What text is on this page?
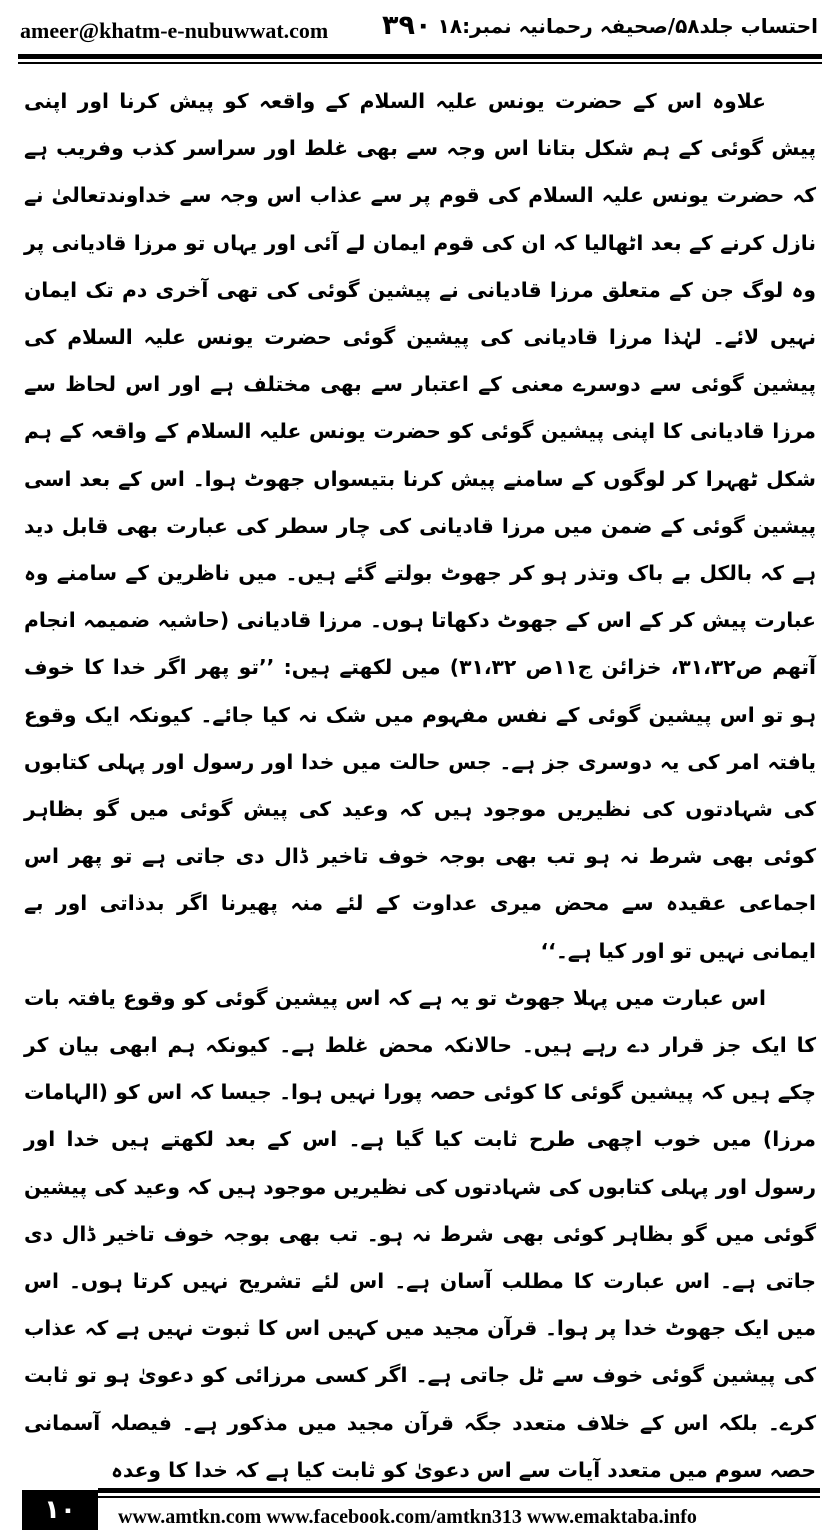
ameer@khatm-e-nubuwwat.com ۳۹۰ احتساب جلد۵۸/صحیفہ رحمانیہ نمبر:۱۸

علاوہ اس کے حضرت یونس علیہ السلام کے واقعہ کو پیش کرنا اور اپنی پیش گوئی کے ہم شکل بتانا اس وجہ سے بھی غلط اور سراسر کذب وفریب ہے کہ حضرت یونس علیہ السلام کی قوم پر سے عذاب اس وجہ سے خداوندتعالیٰ نے نازل کرنے کے بعد اٹھالیا کہ ان کی قوم ایمان لے آئی اور یہاں تو مرزا قادیانی پر وہ لوگ جن کے متعلق مرزا قادیانی نے پیشین گوئی کی تھی آخری دم تک ایمان نہیں لائے۔ لہٰذا مرزا قادیانی کی پیشین گوئی حضرت یونس علیہ السلام کی پیشین گوئی سے دوسرے معنی کے اعتبار سے بھی مختلف ہے اور اس لحاظ سے مرزا قادیانی کا اپنی پیشین گوئی کو حضرت یونس علیہ السلام کے واقعہ کے ہم شکل ٹھہرا کر لوگوں کے سامنے پیش کرنا بتیسواں جھوٹ ہوا۔ اس کے بعد اسی پیشین گوئی کے ضمن میں مرزا قادیانی کی چار سطر کی عبارت بھی قابل دید ہے کہ بالکل بے باک وتذر ہو کر جھوٹ بولتے گئے ہیں۔ میں ناظرین کے سامنے وہ عبارت پیش کر کے اس کے جھوٹ دکھاتا ہوں۔ مرزا قادیانی (حاشیہ ضمیمہ انجام آتھم ص۳۱،۳۲، خزائن ج۱۱ص ۳۱،۳۲) میں لکھتے ہیں: ’’تو پھر اگر خدا کا خوف ہو تو اس پیشین گوئی کے نفس مفہوم میں شک نہ کیا جائے۔ کیونکہ ایک وقوع یافتہ امر کی یہ دوسری جز ہے۔ جس حالت میں خدا اور رسول اور پہلی کتابوں کی شہادتوں کی نظیریں موجود ہیں کہ وعید کی پیش گوئی میں گو بظاہر کوئی بھی شرط نہ ہو تب بھی بوجہ خوف تاخیر ڈال دی جاتی ہے تو پھر اس اجماعی عقیدہ سے محض میری عداوت کے لئے منہ پھیرنا اگر بدذاتی اور بے ایمانی نہیں تو اور کیا ہے۔‘‘

اس عبارت میں پہلا جھوٹ تو یہ ہے کہ اس پیشین گوئی کو وقوع یافتہ بات کا ایک جز قرار دے رہے ہیں۔ حالانکہ محض غلط ہے۔ کیونکہ ہم ابھی بیان کر چکے ہیں کہ پیشین گوئی کا کوئی حصہ پورا نہیں ہوا۔ جیسا کہ اس کو (الہامات مرزا) میں خوب اچھی طرح ثابت کیا گیا ہے۔ اس کے بعد لکھتے ہیں خدا اور رسول اور پہلی کتابوں کی شہادتوں کی نظیریں موجود ہیں کہ وعید کی پیشین گوئی میں گو بظاہر کوئی بھی شرط نہ ہو۔ تب بھی بوجہ خوف تاخیر ڈال دی جاتی ہے۔ اس عبارت کا مطلب آسان ہے۔ اس لئے تشریح نہیں کرتا ہوں۔ اس میں ایک جھوٹ خدا پر ہوا۔ قرآن مجید میں کہیں اس کا ثبوت نہیں ہے کہ عذاب کی پیشین گوئی خوف سے ٹل جاتی ہے۔ اگر کسی مرزائی کو دعویٰ ہو تو ثابت کرے۔ بلکہ اس کے خلاف متعدد جگہ قرآن مجید میں مذکور ہے۔ فیصلہ آسمانی حصہ سوم میں متعدد آیات سے اس دعویٰ کو ثابت کیا ہے کہ خدا کا وعدہ

۱۰	www.amtkn.com www.facebook.com/amtkn313 www.emaktaba.info
